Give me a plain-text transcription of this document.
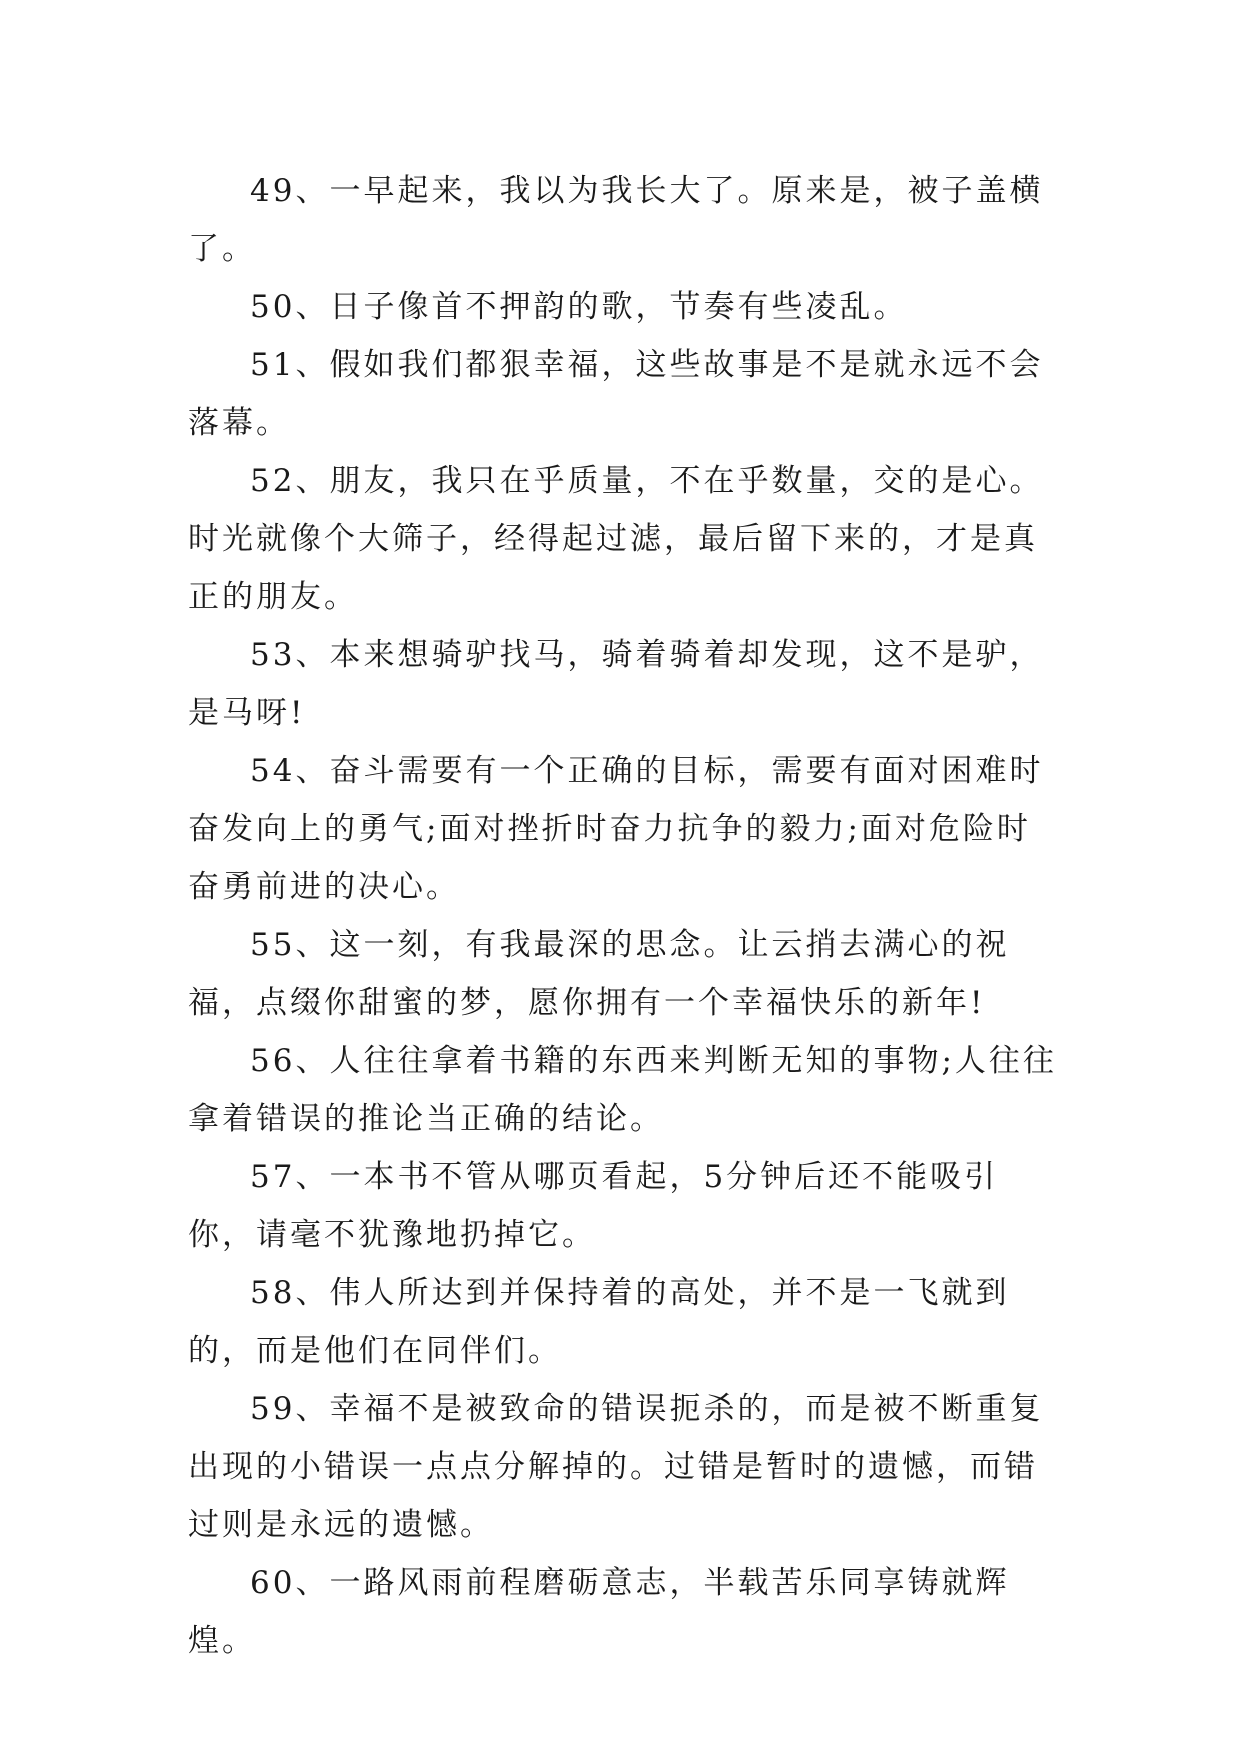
49、一早起来，我以为我长大了。原来是，被子盖横了。

50、日子像首不押韵的歌，节奏有些凌乱。

51、假如我们都狠幸福，这些故事是不是就永远不会落幕。

52、朋友，我只在乎质量，不在乎数量，交的是心。时光就像个大筛子，经得起过滤，最后留下来的，才是真正的朋友。

53、本来想骑驴找马，骑着骑着却发现，这不是驴，是马呀!

54、奋斗需要有一个正确的目标，需要有面对困难时奋发向上的勇气;面对挫折时奋力抗争的毅力;面对危险时奋勇前进的决心。

55、这一刻，有我最深的思念。让云捎去满心的祝福，点缀你甜蜜的梦，愿你拥有一个幸福快乐的新年!

56、人往往拿着书籍的东西来判断无知的事物;人往往拿着错误的推论当正确的结论。

57、一本书不管从哪页看起，5分钟后还不能吸引你，请毫不犹豫地扔掉它。

58、伟人所达到并保持着的高处，并不是一飞就到的，而是他们在同伴们。

59、幸福不是被致命的错误扼杀的，而是被不断重复出现的小错误一点点分解掉的。过错是暂时的遗憾，而错过则是永远的遗憾。

60、一路风雨前程磨砺意志，半载苦乐同享铸就辉煌。
